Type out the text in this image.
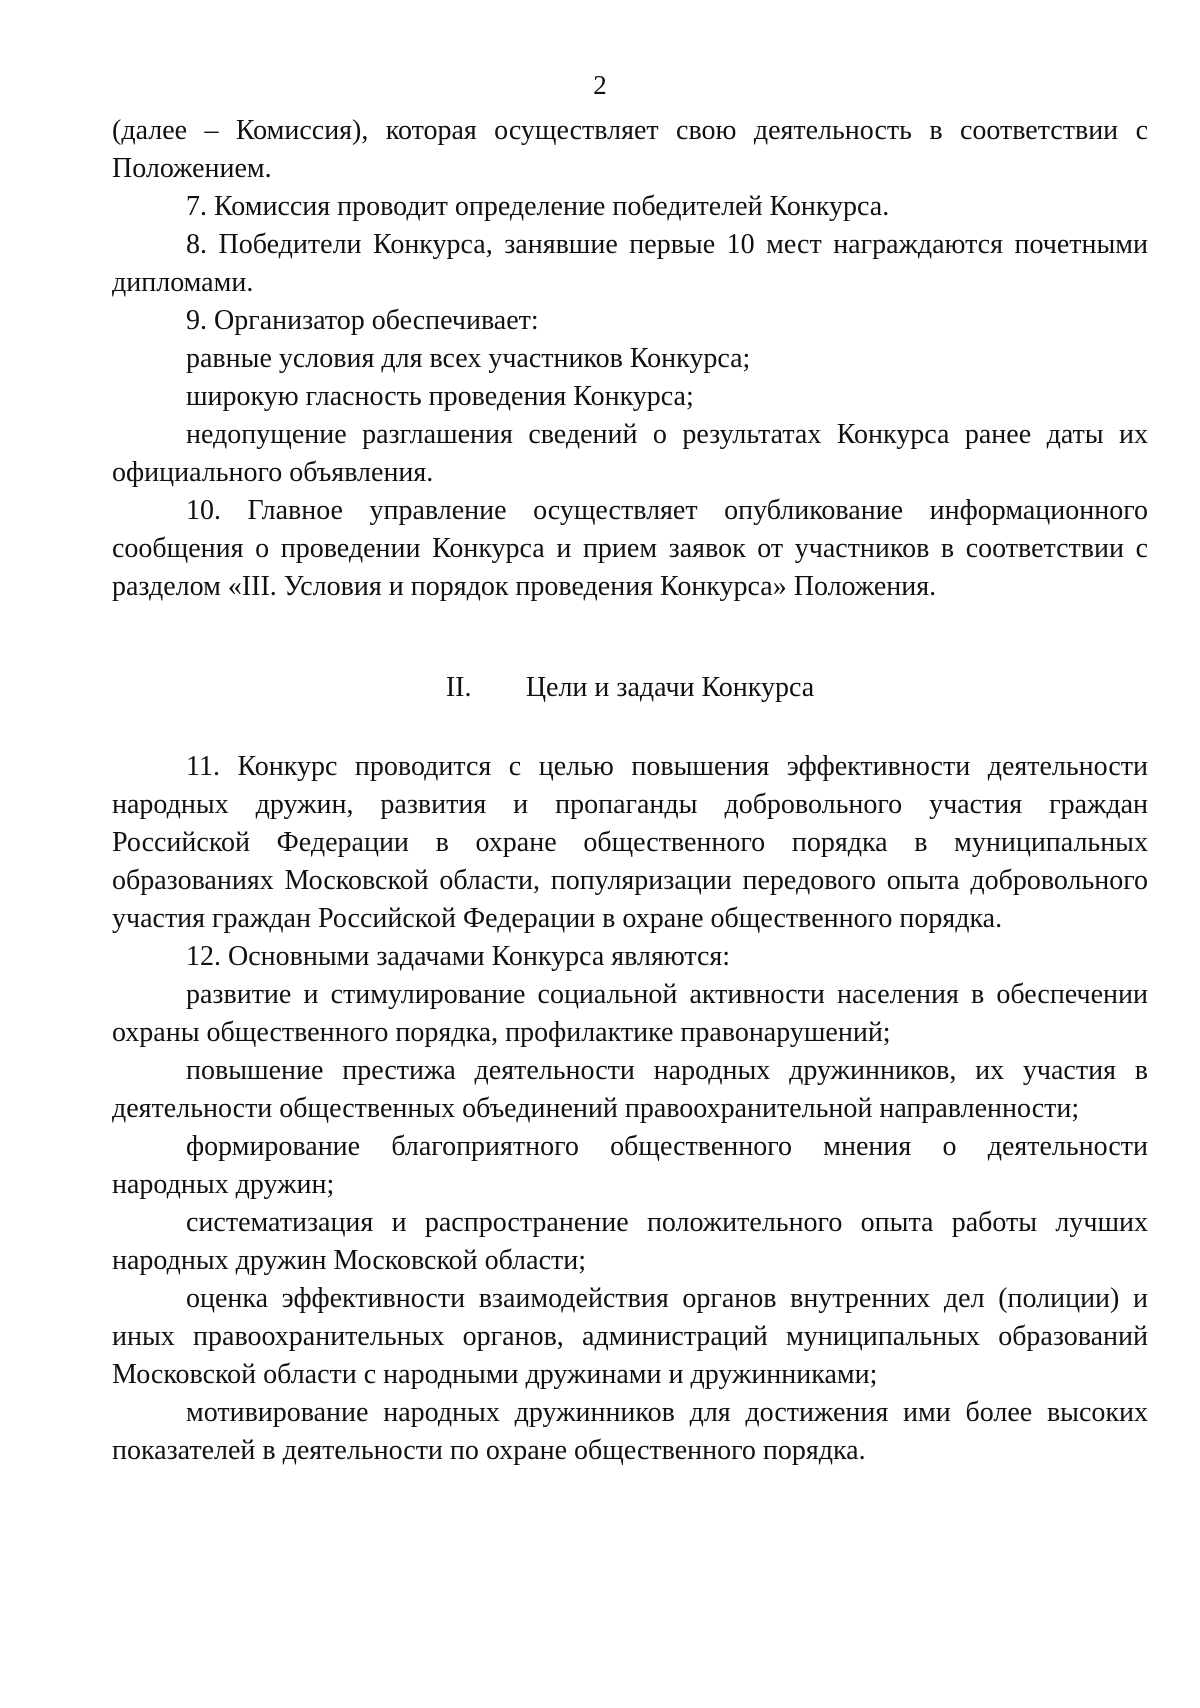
2

(далее – Комиссия), которая осуществляет свою деятельность в соответствии с Положением.

7. Комиссия проводит определение победителей Конкурса.

8. Победители Конкурса, занявшие первые 10 мест награждаются почетными дипломами.

9. Организатор обеспечивает:

равные условия для всех участников Конкурса;

широкую гласность проведения Конкурса;

недопущение разглашения сведений о результатах Конкурса ранее даты их официального объявления.

10. Главное управление осуществляет опубликование информационного сообщения о проведении Конкурса и прием заявок от участников в соответствии с разделом «III. Условия и порядок проведения Конкурса» Положения.

II. Цели и задачи Конкурса

11. Конкурс проводится с целью повышения эффективности деятельности народных дружин, развития и пропаганды добровольного участия граждан Российской Федерации в охране общественного порядка в муниципальных образованиях Московской области, популяризации передового опыта добровольного участия граждан Российской Федерации в охране общественного порядка.

12. Основными задачами Конкурса являются:

развитие и стимулирование социальной активности населения в обеспечении охраны общественного порядка, профилактике правонарушений;

повышение престижа деятельности народных дружинников, их участия в деятельности общественных объединений правоохранительной направленности;

формирование благоприятного общественного мнения о деятельности народных дружин;

систематизация и распространение положительного опыта работы лучших народных дружин Московской области;

оценка эффективности взаимодействия органов внутренних дел (полиции) и иных правоохранительных органов, администраций муниципальных образований Московской области с народными дружинами и дружинниками;

мотивирование народных дружинников для достижения ими более высоких показателей в деятельности по охране общественного порядка.
